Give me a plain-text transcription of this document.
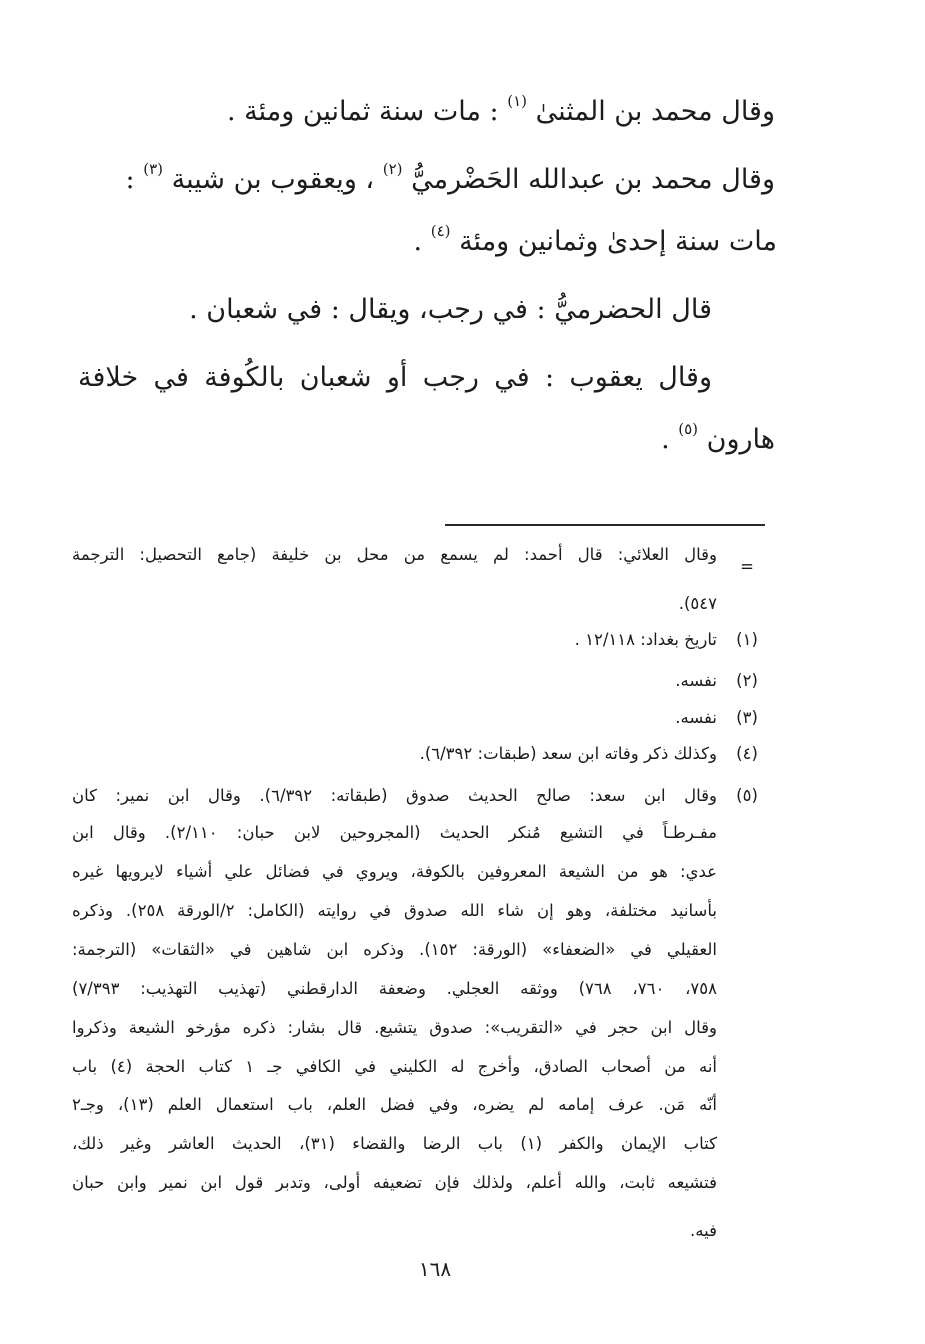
وقال محمد بن المثنىٰ $^{(١)}$ : مات سنة ثمانين ومئة .
وقال محمد بن عبدالله الحَضْرميُّ $^{(٢)}$ ، ويعقوب بن شيبة $^{(٣)}$ :
مات سنة إحدىٰ وثمانين ومئة $^{(٤)}$ .
قال الحضرميُّ : في رجب، ويقال : في شعبان .
وقال يعقوب : في رجب أو شعبان بالكُوفة في خلافة
هارون $^{(٥)}$ .
=
وقال العلائي: قال أحمد: لم يسمع من محل بن خليفة (جامع التحصيل: الترجمة
٥٤٧).
(١)
تاريخ بغداد: ١٢/١١٨ .
(٢)
نفسه.
(٣)
نفسه.
(٤)
وكذلك ذكر وفاته ابن سعد (طبقات: ٦/٣٩٢).
(٥)
وقال ابن سعد: صالح الحديث صدوق (طبقاته: ٦/٣٩٢). وقال ابن نمير: كان
مفـرطـاً في التشيع مُنكر الحديث (المجروحين لابن حبان: ٢/١١٠). وقال ابن
عدي: هو من الشيعة المعروفين بالكوفة، ويروي في فضائل علي أشياء لايرويها غيره
بأسانيد مختلفة، وهو إن شاء الله صدوق في روايته (الكامل: ٢/الورقة ٢٥٨). وذكره
العقيلي في «الضعفاء» (الورقة: ١٥٢). وذكره ابن شاهين في «الثقات» (الترجمة:
٧٥٨، ٧٦٠، ٧٦٨) ووثقه العجلي. وضعفة الدارقطني (تهذيب التهذيب: ٧/٣٩٣)
وقال ابن حجر في «التقريب»: صدوق يتشيع. قال بشار: ذكره مؤرخو الشيعة وذكروا
أنه من أصحاب الصادق، وأخرج له الكليني في الكافي جـ ١ كتاب الحجة (٤) باب
أنّه مَن. عرف إمامه لم يضره، وفي فضل العلم، باب استعمال العلم (١٣)، وجـ٢
كتاب الإيمان والكفر (١) باب الرضا والقضاء (٣١)، الحديث العاشر وغير ذلك،
فتشيعه ثابت، والله أعلم، ولذلك فإن تضعيفه أولى، وتدبر قول ابن نمير وابن حبان
فيه.
١٦٨
